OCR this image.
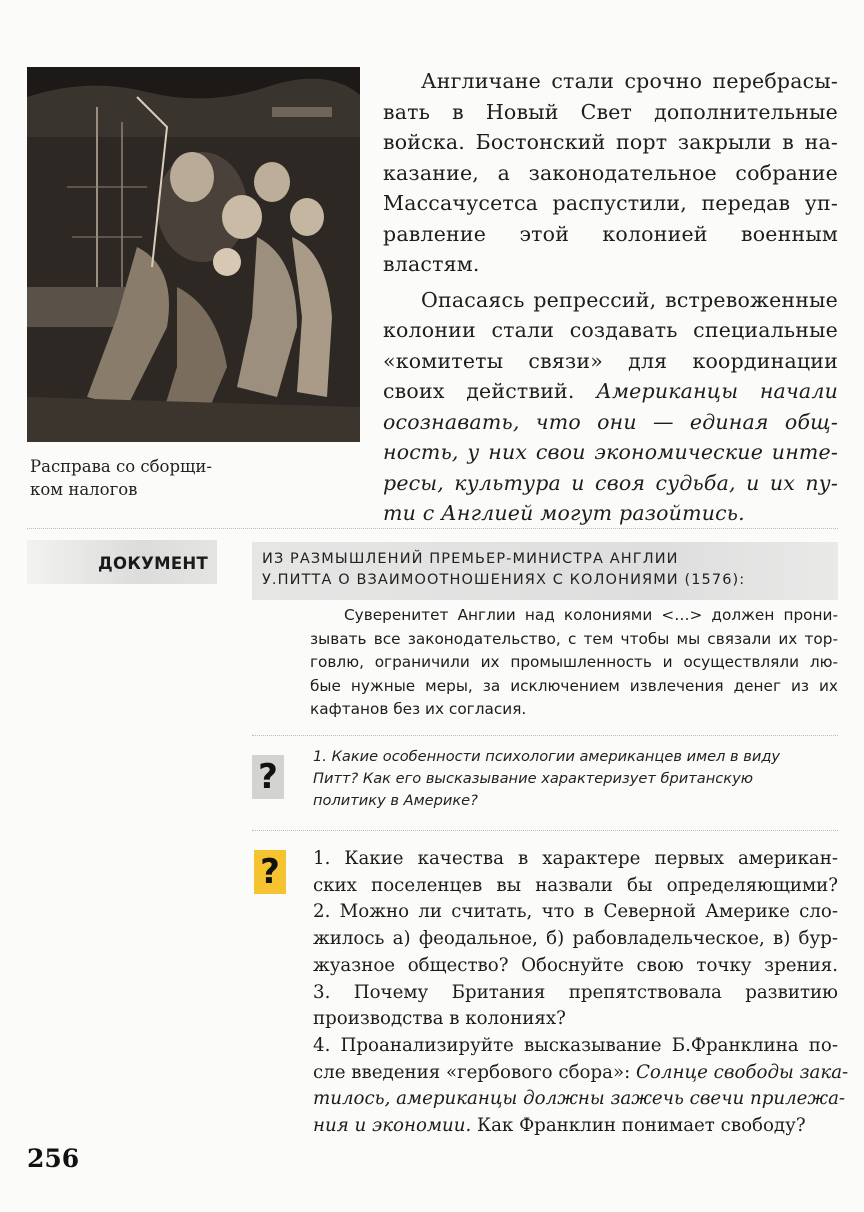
Расправа со сборщи-
ком налогов
Англичане стали срочно перебрасы-
вать в Новый Свет дополнительные
войска. Бостонский порт закрыли в на-
казание, а законодательное собрание
Массачусетса распустили, передав уп-
равление этой колонией военным
властям.
Опасаясь репрессий, встревоженные
колонии стали создавать специальные
«комитеты связи» для координации
своих действий. Американцы начали
осознавать, что они — единая общ-
ность, у них свои экономические инте-
ресы, культура и своя судьба, и их пу-
ти с Англией могут разойтись.
ДОКУМЕНТ	ИЗ РАЗМЫШЛЕНИЙ ПРЕМЬЕР-МИНИСТРА АНГЛИИ
У.ПИТТА О ВЗАИМООТНОШЕНИЯХ С КОЛОНИЯМИ (1576):
Суверенитет Англии над колониями <…> должен прони-
зывать все законодательство, с тем чтобы мы связали их тор-
говлю, ограничили их промышленность и осуществляли лю-
бые нужные меры, за исключением извлечения денег из их
кафтанов без их согласия.
?
1. Какие особенности психологии американцев имел в виду
Питт? Как его высказывание характеризует британскую
политику в Америке?
?	1. Какие качества в характере первых американ-
ских поселенцев вы назвали бы определяющими?
2. Можно ли считать, что в Северной Америке сло-
жилось а) феодальное, б) рабовладельческое, в) бур-
жуазное общество? Обоснуйте свою точку зрения.
3. Почему Британия препятствовала развитию
производства в колониях?
4. Проанализируйте высказывание Б.Франклина по-
сле введения «гербового сбора»: Солнце свободы зака-
тилось, американцы должны зажечь свечи прилежа-
ния и экономии. Как Франклин понимает свободу?
256
